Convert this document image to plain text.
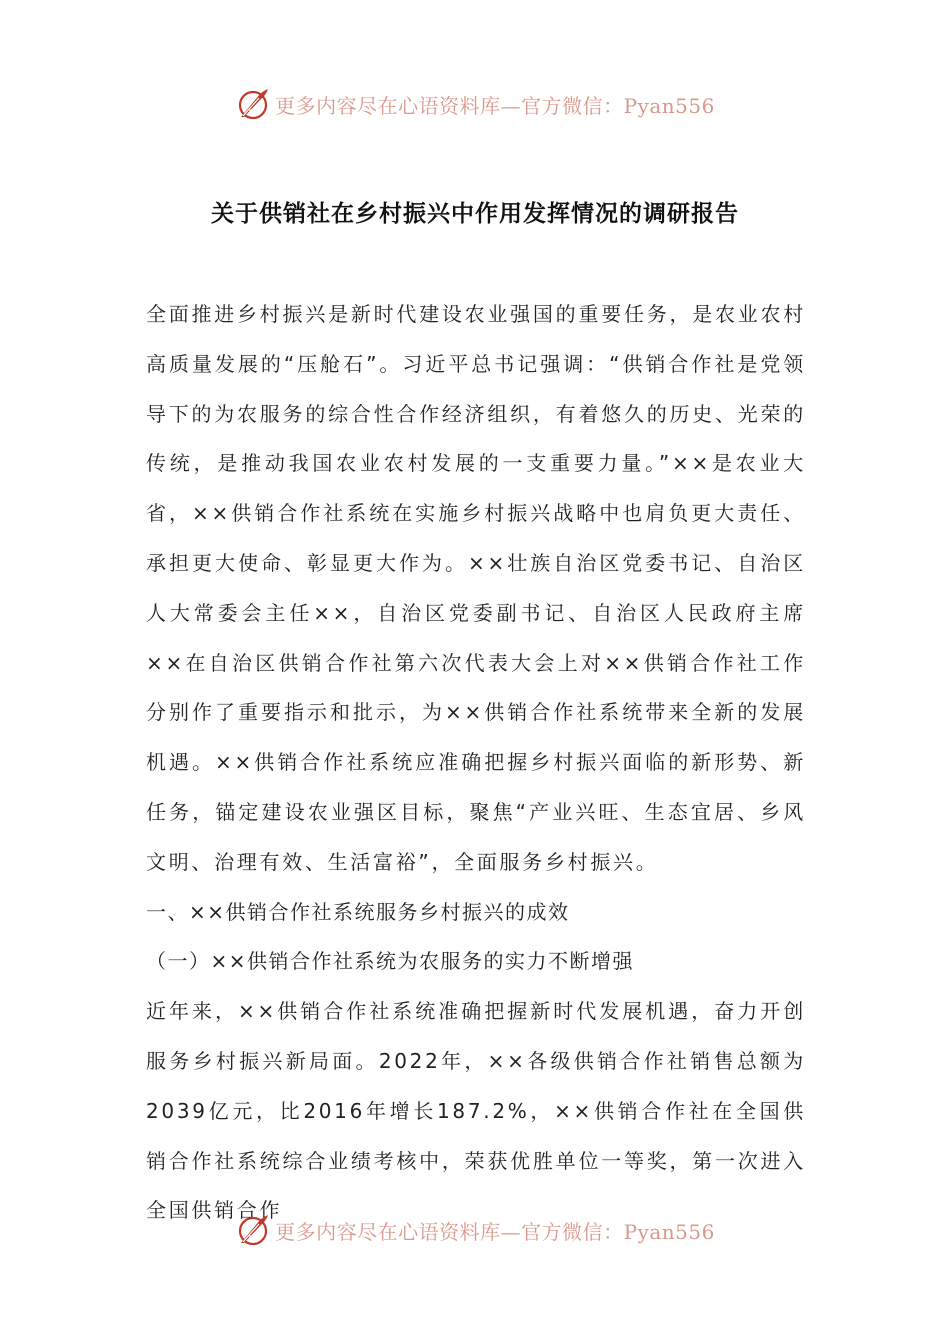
更多内容尽在心语资料库—官方微信：Pyan556
关于供销社在乡村振兴中作用发挥情况的调研报告

全面推进乡村振兴是新时代建设农业强国的重要任务，是农业农村高质量发展的“压舱石”。习近平总书记强调：“供销合作社是党领导下的为农服务的综合性合作经济组织，有着悠久的历史、光荣的传统，是推动我国农业农村发展的一支重要力量。”××是农业大省，××供销合作社系统在实施乡村振兴战略中也肩负更大责任、承担更大使命、彰显更大作为。××壮族自治区党委书记、自治区人大常委会主任××，自治区党委副书记、自治区人民政府主席××在自治区供销合作社第六次代表大会上对××供销合作社工作分别作了重要指示和批示，为××供销合作社系统带来全新的发展机遇。××供销合作社系统应准确把握乡村振兴面临的新形势、新任务，锚定建设农业强区目标，聚焦“产业兴旺、生态宜居、乡风文明、治理有效、生活富裕”，全面服务乡村振兴。

一、××供销合作社系统服务乡村振兴的成效

（一）××供销合作社系统为农服务的实力不断增强

近年来，××供销合作社系统准确把握新时代发展机遇，奋力开创服务乡村振兴新局面。2022年，××各级供销合作社销售总额为2039亿元，比2016年增长187.2%，××供销合作社在全国供销合作社系统综合业绩考核中，荣获优胜单位一等奖，第一次进入全国供销合作

更多内容尽在心语资料库—官方微信：Pyan556
